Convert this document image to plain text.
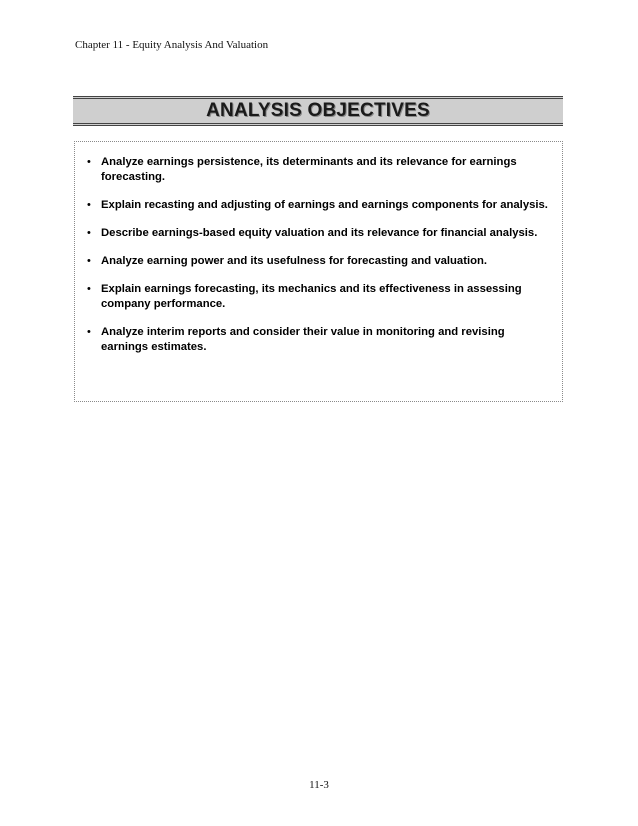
Chapter 11 - Equity Analysis And Valuation
ANALYSIS OBJECTIVES
• Analyze earnings persistence, its determinants and its relevance for earnings forecasting.
• Explain recasting and adjusting of earnings and earnings components for analysis.
• Describe earnings-based equity valuation and its relevance for financial analysis.
• Analyze earning power and its usefulness for forecasting and valuation.
• Explain earnings forecasting, its mechanics and its effectiveness in assessing company performance.
• Analyze interim reports and consider their value in monitoring and revising earnings estimates.
11-3
